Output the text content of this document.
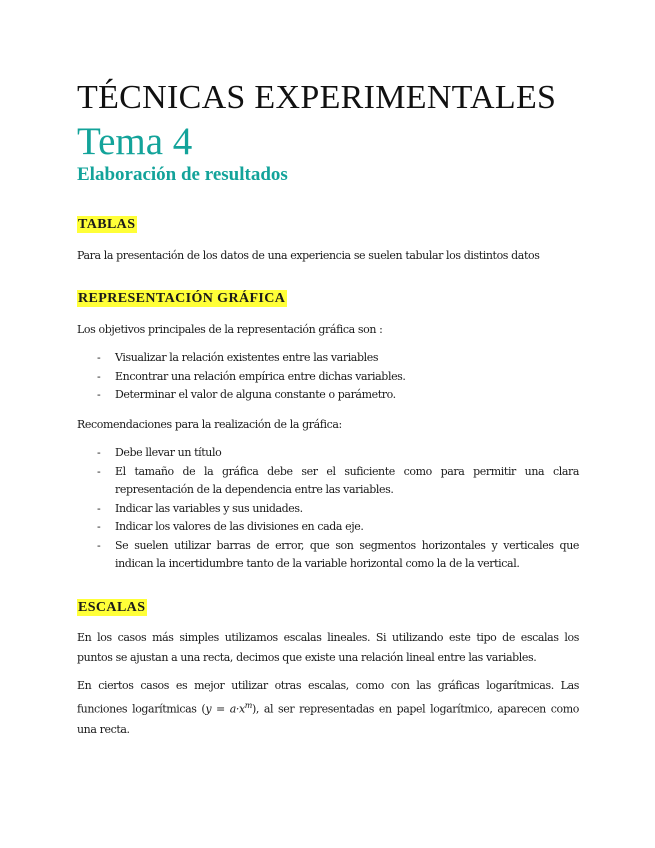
TÉCNICAS EXPERIMENTALES
Tema 4
Elaboración de resultados
TABLAS

Para la presentación de los datos de una experiencia se suelen tabular los distintos datos

REPRESENTACIÓN GRÁFICA

Los objetivos principales de la representación gráfica son :

- Visualizar la relación existentes entre las variables
- Encontrar una relación empírica entre dichas variables.
- Determinar el valor de alguna constante o parámetro.

Recomendaciones para la realización de la gráfica:

- Debe llevar un título
- El tamaño de la gráfica debe ser el suficiente como para permitir una clara representación de la dependencia entre las variables.
- Indicar las variables y sus unidades.
- Indicar los valores de las divisiones en cada eje.
- Se suelen utilizar barras de error, que son segmentos horizontales y verticales que indican la incertidumbre tanto de la variable horizontal como la de la vertical.
ESCALAS

En los casos más simples utilizamos escalas lineales. Si utilizando este tipo de escalas los puntos se ajustan a una recta, decimos que existe una relación lineal entre las variables.

En ciertos casos es mejor utilizar otras escalas, como con las gráficas logarítmicas. Las funciones logarítmicas $(y = a\cdot x^m)$, al ser representadas en papel logarítmico, aparecen como una recta.
